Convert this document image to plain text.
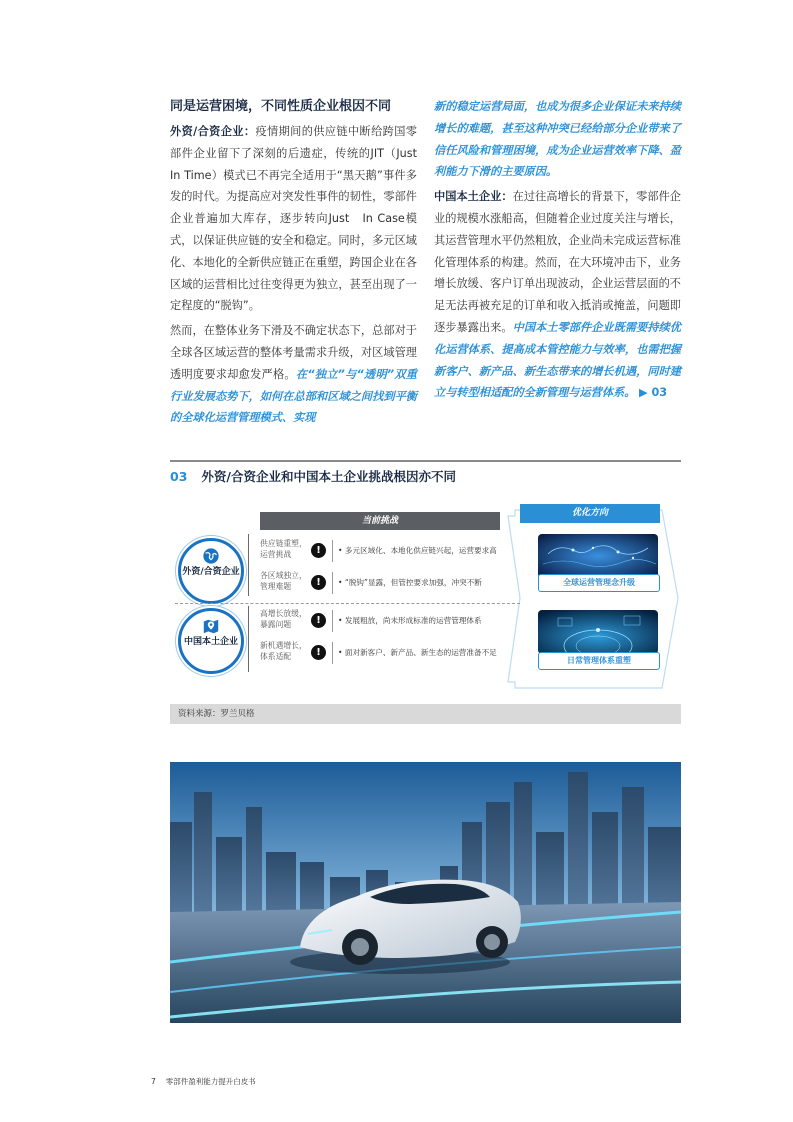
同是运营困境，不同性质企业根因不同

外资/合资企业：疫情期间的供应链中断给跨国零部件企业留下了深刻的后遗症，传统的JIT（Just In Time）模式已不再完全适用于“黑天鹅”事件多发的时代。为提高应对突发性事件的韧性，零部件企业普遍加大库存，逐步转向Just　In Case模式，以保证供应链的安全和稳定。同时，多元区域化、本地化的全新供应链正在重塑，跨国企业在各区域的运营相比过往变得更为独立，甚至出现了一定程度的“脱钩”。

然而，在整体业务下滑及不确定状态下，总部对于全球各区域运营的整体考量需求升级，对区域管理透明度要求却愈发严格。在“独立”与“透明”双重行业发展态势下，如何在总部和区域之间找到平衡的全球化运营管理模式、实现

新的稳定运营局面，也成为很多企业保证未来持续增长的难题，甚至这种冲突已经给部分企业带来了信任风险和管理困境，成为企业运营效率下降、盈利能力下滑的主要原因。

中国本土企业：在过往高增长的背景下，零部件企业的规模水涨船高，但随着企业过度关注与增长，其运营管理水平仍然粗放，企业尚未完成运营标准化管理体系的构建。然而，在大环境冲击下，业务增长放缓、客户订单出现波动，企业运营层面的不足无法再被充足的订单和收入抵消或掩盖，问题即逐步暴露出来。中国本土零部件企业既需要持续优化运营体系、提高成本管控能力与效率，也需把握新客户、新产品、新生态带来的增长机遇，同时建立与转型相适配的全新管理与运营体系。 ▶ 03

03 外资/合资企业和中国本土企业挑战根因亦不同
当前挑战
优化方向
外资/合资企业
供应链重塑，运营挑战	!	• 多元区域化、本地化供应链兴起，运营要求高
各区域独立，管理难题	!	• “脱钩”显露，但管控要求加强，冲突不断
中国本土企业
高增长放缓，暴露问题	!	• 发展粗放，尚未形成标准的运营管理体系
新机遇增长，体系适配	!	• 面对新客户、新产品、新生态的运营准备不足
全球运营管理念升级
日常管理体系重塑
资料来源：罗兰贝格
7 零部件盈利能力提升白皮书
